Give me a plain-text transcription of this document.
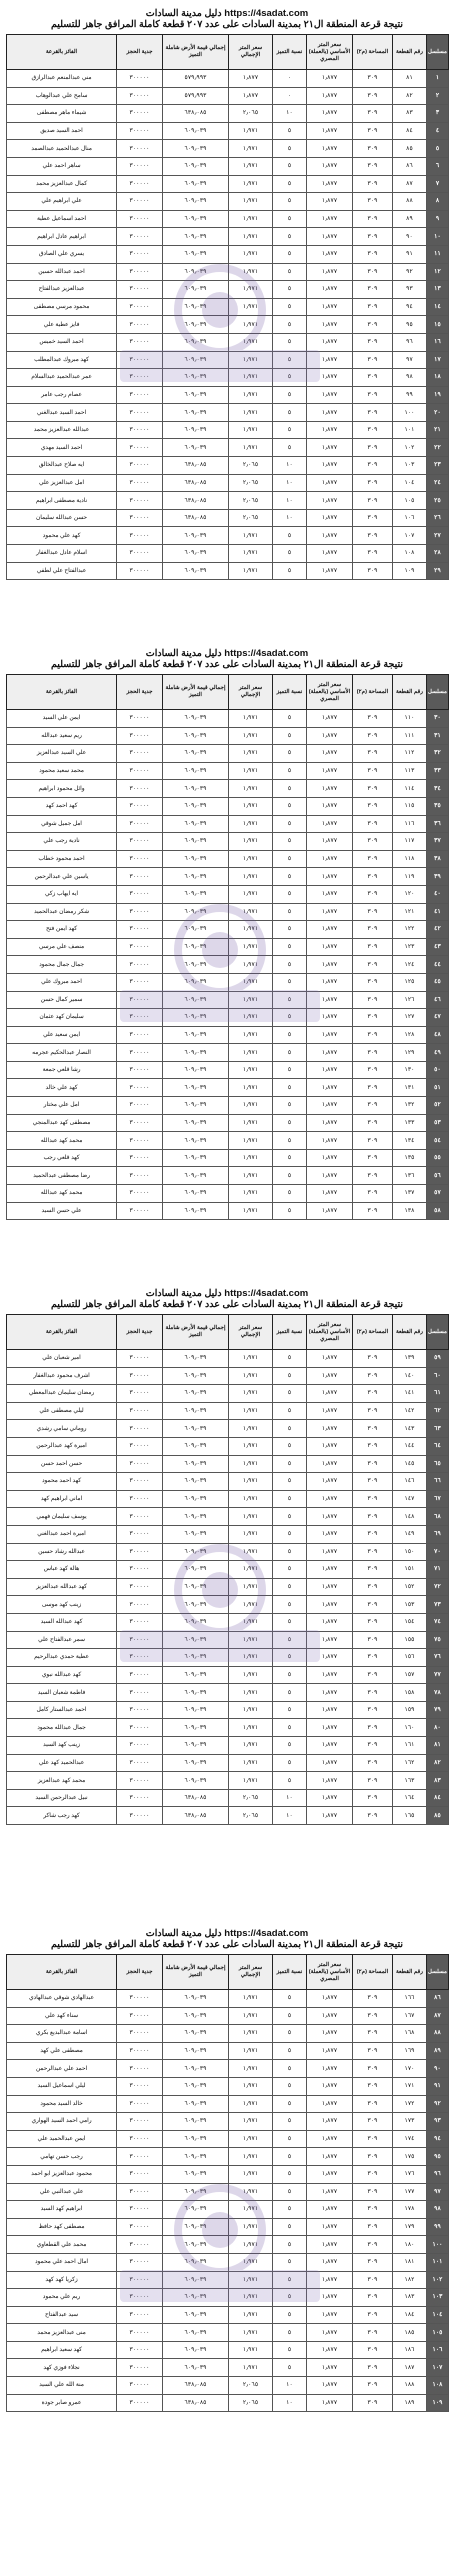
دليل مدينة السادات https://4sadat.com
نتيجة قرعة المنطقة ال٢١ بمدينة السادات على عدد ٢٠٧ قطعة كاملة المرافق جاهز للتسليم
مسلسل	رقم القطعة	المساحة (م٢)	سعر المتر الأساسي (بالعملة) المصري	نسبة التميز	سعر المتر الإجمالي	إجمالي قيمة الأرض شاملة التميز	جدية الحجز	الفائز بالقرعة
١	٨١	٣٠٩	١٫٨٧٧	٠	١٫٨٧٧	٥٧٩٫٩٩٣	٣٠٠٠٠٠	مني عبدالمنعم عبدالرازق
٢	٨٢	٣٠٩	١٫٨٧٧	٠	١٫٨٧٧	٥٧٩٫٩٩٣	٣٠٠٠٠٠	سامح علي عبدالوهاب
٣	٨٣	٣٠٩	١٫٨٧٧	١٠	٢٫٠٦٥	٦٣٨٫٠٨٥	٣٠٠٠٠٠	شيماء ماهر مصطفى
٤	٨٤	٣٠٩	١٫٨٧٧	٥	١٫٩٧١	٦٠٩٫٠٣٩	٣٠٠٠٠٠	احمد السيد صديق
٥	٨٥	٣٠٩	١٫٨٧٧	٥	١٫٩٧١	٦٠٩٫٠٣٩	٣٠٠٠٠٠	منال عبدالحميد عبدالصمد
٦	٨٦	٣٠٩	١٫٨٧٧	٥	١٫٩٧١	٦٠٩٫٠٣٩	٣٠٠٠٠٠	ساهر احمد علي
٧	٨٧	٣٠٩	١٫٨٧٧	٥	١٫٩٧١	٦٠٩٫٠٣٩	٣٠٠٠٠٠	كمال عبدالعزيز محمد
٨	٨٨	٣٠٩	١٫٨٧٧	٥	١٫٩٧١	٦٠٩٫٠٣٩	٣٠٠٠٠٠	علي ابراهيم علي
٩	٨٩	٣٠٩	١٫٨٧٧	٥	١٫٩٧١	٦٠٩٫٠٣٩	٣٠٠٠٠٠	احمد اسماعيل عطية
١٠	٩٠	٣٠٩	١٫٨٧٧	٥	١٫٩٧١	٦٠٩٫٠٣٩	٣٠٠٠٠٠	ابراهيم عادل ابراهيم
١١	٩١	٣٠٩	١٫٨٧٧	٥	١٫٩٧١	٦٠٩٫٠٣٩	٣٠٠٠٠٠	يسري علي الصادق
١٢	٩٢	٣٠٩	١٫٨٧٧	٥	١٫٩٧١	٦٠٩٫٠٣٩	٣٠٠٠٠٠	احمد عبدالله حسين
١٣	٩٣	٣٠٩	١٫٨٧٧	٥	١٫٩٧١	٦٠٩٫٠٣٩	٣٠٠٠٠٠	عبدالعزيز عبدالفتاح
١٤	٩٤	٣٠٩	١٫٨٧٧	٥	١٫٩٧١	٦٠٩٫٠٣٩	٣٠٠٠٠٠	محمود مرسي مصطفى
١٥	٩٥	٣٠٩	١٫٨٧٧	٥	١٫٩٧١	٦٠٩٫٠٣٩	٣٠٠٠٠٠	فايز عطية علي
١٦	٩٦	٣٠٩	١٫٨٧٧	٥	١٫٩٧١	٦٠٩٫٠٣٩	٣٠٠٠٠٠	احمد السيد خميس
١٧	٩٧	٣٠٩	١٫٨٧٧	٥	١٫٩٧١	٦٠٩٫٠٣٩	٣٠٠٠٠٠	كهد مبروك عبدالمطلب
١٨	٩٨	٣٠٩	١٫٨٧٧	٥	١٫٩٧١	٦٠٩٫٠٣٩	٣٠٠٠٠٠	عمر عبدالحميد عبدالسلام
١٩	٩٩	٣٠٩	١٫٨٧٧	٥	١٫٩٧١	٦٠٩٫٠٣٩	٣٠٠٠٠٠	عصام رجب عامر
٢٠	١٠٠	٣٠٩	١٫٨٧٧	٥	١٫٩٧١	٦٠٩٫٠٣٩	٣٠٠٠٠٠	احمد السيد عبدالغني
٢١	١٠١	٣٠٩	١٫٨٧٧	٥	١٫٩٧١	٦٠٩٫٠٣٩	٣٠٠٠٠٠	عبدالله عبدالعزيز محمد
٢٢	١٠٢	٣٠٩	١٫٨٧٧	٥	١٫٩٧١	٦٠٩٫٠٣٩	٣٠٠٠٠٠	احمد السيد مهدي
٢٣	١٠٣	٣٠٩	١٫٨٧٧	١٠	٢٫٠٦٥	٦٣٨٫٠٨٥	٣٠٠٠٠٠	ايه صلاح عبدالخالق
٢٤	١٠٤	٣٠٩	١٫٨٧٧	١٠	٢٫٠٦٥	٦٣٨٫٠٨٥	٣٠٠٠٠٠	امل عبدالعزيز علي
٢٥	١٠٥	٣٠٩	١٫٨٧٧	١٠	٢٫٠٦٥	٦٣٨٫٠٨٥	٣٠٠٠٠٠	نادية مصطفى ابراهيم
٢٦	١٠٦	٣٠٩	١٫٨٧٧	١٠	٢٫٠٦٥	٦٣٨٫٠٨٥	٣٠٠٠٠٠	حسن عبدالله سليمان
٢٧	١٠٧	٣٠٩	١٫٨٧٧	٥	١٫٩٧١	٦٠٩٫٠٣٩	٣٠٠٠٠٠	كهد علي محمود
٢٨	١٠٨	٣٠٩	١٫٨٧٧	٥	١٫٩٧١	٦٠٩٫٠٣٩	٣٠٠٠٠٠	اسلام عادل عبدالغفار
٢٩	١٠٩	٣٠٩	١٫٨٧٧	٥	١٫٩٧١	٦٠٩٫٠٣٩	٣٠٠٠٠٠	عبدالفتاح علي لطفي
دليل مدينة السادات https://4sadat.com
نتيجة قرعة المنطقة ال٢١ بمدينة السادات على عدد ٢٠٧ قطعة كاملة المرافق جاهز للتسليم
مسلسل	رقم القطعة	المساحة (م٢)	سعر المتر الأساسي (بالعملة) المصري	نسبة التميز	سعر المتر الإجمالي	إجمالي قيمة الأرض شاملة التميز	جدية الحجز	الفائز بالقرعة
٣٠	١١٠	٣٠٩	١٫٨٧٧	٥	١٫٩٧١	٦٠٩٫٠٣٩	٣٠٠٠٠٠	ايمن علي السيد
٣١	١١١	٣٠٩	١٫٨٧٧	٥	١٫٩٧١	٦٠٩٫٠٣٩	٣٠٠٠٠٠	ريم سعيد عبدالله
٣٢	١١٢	٣٠٩	١٫٨٧٧	٥	١٫٩٧١	٦٠٩٫٠٣٩	٣٠٠٠٠٠	علي السيد عبدالعزيز
٣٣	١١٣	٣٠٩	١٫٨٧٧	٥	١٫٩٧١	٦٠٩٫٠٣٩	٣٠٠٠٠٠	محمد سعيد محمود
٣٤	١١٤	٣٠٩	١٫٨٧٧	٥	١٫٩٧١	٦٠٩٫٠٣٩	٣٠٠٠٠٠	وائل محمود ابراهيم
٣٥	١١٥	٣٠٩	١٫٨٧٧	٥	١٫٩٧١	٦٠٩٫٠٣٩	٣٠٠٠٠٠	كهد احمد كهد
٣٦	١١٦	٣٠٩	١٫٨٧٧	٥	١٫٩٧١	٦٠٩٫٠٣٩	٣٠٠٠٠٠	امل جميل شوقي
٣٧	١١٧	٣٠٩	١٫٨٧٧	٥	١٫٩٧١	٦٠٩٫٠٣٩	٣٠٠٠٠٠	نادية رجب علي
٣٨	١١٨	٣٠٩	١٫٨٧٧	٥	١٫٩٧١	٦٠٩٫٠٣٩	٣٠٠٠٠٠	احمد محمود خطاب
٣٩	١١٩	٣٠٩	١٫٨٧٧	٥	١٫٩٧١	٦٠٩٫٠٣٩	٣٠٠٠٠٠	ياسين علي عبدالرحمن
٤٠	١٢٠	٣٠٩	١٫٨٧٧	٥	١٫٩٧١	٦٠٩٫٠٣٩	٣٠٠٠٠٠	ايه ايهاب زكي
٤١	١٢١	٣٠٩	١٫٨٧٧	٥	١٫٩٧١	٦٠٩٫٠٣٩	٣٠٠٠٠٠	شكر رمضان عبدالحميد
٤٢	١٢٢	٣٠٩	١٫٨٧٧	٥	١٫٩٧١	٦٠٩٫٠٣٩	٣٠٠٠٠٠	كهد ايمن فتح
٤٣	١٢٣	٣٠٩	١٫٨٧٧	٥	١٫٩٧١	٦٠٩٫٠٣٩	٣٠٠٠٠٠	منصف علي مرسي
٤٤	١٢٤	٣٠٩	١٫٨٧٧	٥	١٫٩٧١	٦٠٩٫٠٣٩	٣٠٠٠٠٠	جمال جمال محمود
٤٥	١٢٥	٣٠٩	١٫٨٧٧	٥	١٫٩٧١	٦٠٩٫٠٣٩	٣٠٠٠٠٠	احمد مبروك علي
٤٦	١٢٦	٣٠٩	١٫٨٧٧	٥	١٫٩٧١	٦٠٩٫٠٣٩	٣٠٠٠٠٠	سمير كمال حسن
٤٧	١٢٧	٣٠٩	١٫٨٧٧	٥	١٫٩٧١	٦٠٩٫٠٣٩	٣٠٠٠٠٠	سليمان كهد عثمان
٤٨	١٢٨	٣٠٩	١٫٨٧٧	٥	١٫٩٧١	٦٠٩٫٠٣٩	٣٠٠٠٠٠	ايمن سعيد علي
٤٩	١٢٩	٣٠٩	١٫٨٧٧	٥	١٫٩٧١	٦٠٩٫٠٣٩	٣٠٠٠٠٠	النصار عبدالحكيم عجرمه
٥٠	١٣٠	٣٠٩	١٫٨٧٧	٥	١٫٩٧١	٦٠٩٫٠٣٩	٣٠٠٠٠٠	رشا قلعي جمعة
٥١	١٣١	٣٠٩	١٫٨٧٧	٥	١٫٩٧١	٦٠٩٫٠٣٩	٣٠٠٠٠٠	كهد علي خالد
٥٢	١٣٢	٣٠٩	١٫٨٧٧	٥	١٫٩٧١	٦٠٩٫٠٣٩	٣٠٠٠٠٠	امل علي مختار
٥٣	١٣٣	٣٠٩	١٫٨٧٧	٥	١٫٩٧١	٦٠٩٫٠٣٩	٣٠٠٠٠٠	مصطفى كهد عبدالمنجي
٥٤	١٣٤	٣٠٩	١٫٨٧٧	٥	١٫٩٧١	٦٠٩٫٠٣٩	٣٠٠٠٠٠	محمد كهد عبدالله
٥٥	١٣٥	٣٠٩	١٫٨٧٧	٥	١٫٩٧١	٦٠٩٫٠٣٩	٣٠٠٠٠٠	كهد قلعي رجب
٥٦	١٣٦	٣٠٩	١٫٨٧٧	٥	١٫٩٧١	٦٠٩٫٠٣٩	٣٠٠٠٠٠	رضا مصطفى عبدالحميد
٥٧	١٣٧	٣٠٩	١٫٨٧٧	٥	١٫٩٧١	٦٠٩٫٠٣٩	٣٠٠٠٠٠	محمد كهد عبدالله
٥٨	١٣٨	٣٠٩	١٫٨٧٧	٥	١٫٩٧١	٦٠٩٫٠٣٩	٣٠٠٠٠٠	علي حسن السيد
دليل مدينة السادات https://4sadat.com
نتيجة قرعة المنطقة ال٢١ بمدينة السادات على عدد ٢٠٧ قطعة كاملة المرافق جاهز للتسليم
مسلسل	رقم القطعة	المساحة (م٢)	سعر المتر الأساسي (بالعملة) المصري	نسبة التميز	سعر المتر الإجمالي	إجمالي قيمة الأرض شاملة التميز	جدية الحجز	الفائز بالقرعة
٥٩	١٣٩	٣٠٩	١٫٨٧٧	٥	١٫٩٧١	٦٠٩٫٠٣٩	٣٠٠٠٠٠	امير شعبان علي
٦٠	١٤٠	٣٠٩	١٫٨٧٧	٥	١٫٩٧١	٦٠٩٫٠٣٩	٣٠٠٠٠٠	اشرف محمود عبدالغفار
٦١	١٤١	٣٠٩	١٫٨٧٧	٥	١٫٩٧١	٦٠٩٫٠٣٩	٣٠٠٠٠٠	رمضان سليمان عبدالمعطي
٦٢	١٤٢	٣٠٩	١٫٨٧٧	٥	١٫٩٧١	٦٠٩٫٠٣٩	٣٠٠٠٠٠	ليلي مصطفى علي
٦٣	١٤٣	٣٠٩	١٫٨٧٧	٥	١٫٩٧١	٦٠٩٫٠٣٩	٣٠٠٠٠٠	روماني سامي رشدي
٦٤	١٤٤	٣٠٩	١٫٨٧٧	٥	١٫٩٧١	٦٠٩٫٠٣٩	٣٠٠٠٠٠	اميرة كهد عبدالرحمن
٦٥	١٤٥	٣٠٩	١٫٨٧٧	٥	١٫٩٧١	٦٠٩٫٠٣٩	٣٠٠٠٠٠	حسن احمد حسن
٦٦	١٤٦	٣٠٩	١٫٨٧٧	٥	١٫٩٧١	٦٠٩٫٠٣٩	٣٠٠٠٠٠	كهد احمد محمود
٦٧	١٤٧	٣٠٩	١٫٨٧٧	٥	١٫٩٧١	٦٠٩٫٠٣٩	٣٠٠٠٠٠	اماني ابراهيم كهد
٦٨	١٤٨	٣٠٩	١٫٨٧٧	٥	١٫٩٧١	٦٠٩٫٠٣٩	٣٠٠٠٠٠	يوسف سليمان فهمي
٦٩	١٤٩	٣٠٩	١٫٨٧٧	٥	١٫٩٧١	٦٠٩٫٠٣٩	٣٠٠٠٠٠	اميرة احمد عبدالغني
٧٠	١٥٠	٣٠٩	١٫٨٧٧	٥	١٫٩٧١	٦٠٩٫٠٣٩	٣٠٠٠٠٠	عبدالله رشاد حسين
٧١	١٥١	٣٠٩	١٫٨٧٧	٥	١٫٩٧١	٦٠٩٫٠٣٩	٣٠٠٠٠٠	هالة كهد عباس
٧٢	١٥٢	٣٠٩	١٫٨٧٧	٥	١٫٩٧١	٦٠٩٫٠٣٩	٣٠٠٠٠٠	كهد عبدالله عبدالعزيز
٧٣	١٥٣	٣٠٩	١٫٨٧٧	٥	١٫٩٧١	٦٠٩٫٠٣٩	٣٠٠٠٠٠	زينب كهد موسى
٧٤	١٥٤	٣٠٩	١٫٨٧٧	٥	١٫٩٧١	٦٠٩٫٠٣٩	٣٠٠٠٠٠	كهد عبدالله السيد
٧٥	١٥٥	٣٠٩	١٫٨٧٧	٥	١٫٩٧١	٦٠٩٫٠٣٩	٣٠٠٠٠٠	سمر عبدالفتاح علي
٧٦	١٥٦	٣٠٩	١٫٨٧٧	٥	١٫٩٧١	٦٠٩٫٠٣٩	٣٠٠٠٠٠	عطية حمدي عبدالرحيم
٧٧	١٥٧	٣٠٩	١٫٨٧٧	٥	١٫٩٧١	٦٠٩٫٠٣٩	٣٠٠٠٠٠	كهد عبدالله نبوي
٧٨	١٥٨	٣٠٩	١٫٨٧٧	٥	١٫٩٧١	٦٠٩٫٠٣٩	٣٠٠٠٠٠	فاطمة شعبان السيد
٧٩	١٥٩	٣٠٩	١٫٨٧٧	٥	١٫٩٧١	٦٠٩٫٠٣٩	٣٠٠٠٠٠	احمد عبدالستار كامل
٨٠	١٦٠	٣٠٩	١٫٨٧٧	٥	١٫٩٧١	٦٠٩٫٠٣٩	٣٠٠٠٠٠	جمال عبدالله محمود
٨١	١٦١	٣٠٩	١٫٨٧٧	٥	١٫٩٧١	٦٠٩٫٠٣٩	٣٠٠٠٠٠	زينب كهد السيد
٨٢	١٦٢	٣٠٩	١٫٨٧٧	٥	١٫٩٧١	٦٠٩٫٠٣٩	٣٠٠٠٠٠	عبدالحميد كهد علي
٨٣	١٦٣	٣٠٩	١٫٨٧٧	٥	١٫٩٧١	٦٠٩٫٠٣٩	٣٠٠٠٠٠	محمد كهد عبدالعزيز
٨٤	١٦٤	٣٠٩	١٫٨٧٧	١٠	٢٫٠٦٥	٦٣٨٫٠٨٥	٣٠٠٠٠٠	نبيل عبدالرحمن السيد
٨٥	١٦٥	٣٠٩	١٫٨٧٧	١٠	٢٫٠٦٥	٦٣٨٫٠٨٥	٣٠٠٠٠٠	كهد رجب شاكر
دليل مدينة السادات https://4sadat.com
نتيجة قرعة المنطقة ال٢١ بمدينة السادات على عدد ٢٠٧ قطعة كاملة المرافق جاهز للتسليم
مسلسل	رقم القطعة	المساحة (م٢)	سعر المتر الأساسي (بالعملة) المصري	نسبة التميز	سعر المتر الإجمالي	إجمالي قيمة الأرض شاملة التميز	جدية الحجز	الفائز بالقرعة
٨٦	١٦٦	٣٠٩	١٫٨٧٧	٥	١٫٩٧١	٦٠٩٫٠٣٩	٣٠٠٠٠٠	عبدالهادي شوقي عبدالهادي
٨٧	١٦٧	٣٠٩	١٫٨٧٧	٥	١٫٩٧١	٦٠٩٫٠٣٩	٣٠٠٠٠٠	سناء كهد علي
٨٨	١٦٨	٣٠٩	١٫٨٧٧	٥	١٫٩٧١	٦٠٩٫٠٣٩	٣٠٠٠٠٠	اسامة عبدالبديع بكري
٨٩	١٦٩	٣٠٩	١٫٨٧٧	٥	١٫٩٧١	٦٠٩٫٠٣٩	٣٠٠٠٠٠	مصطفى علي كهد
٩٠	١٧٠	٣٠٩	١٫٨٧٧	٥	١٫٩٧١	٦٠٩٫٠٣٩	٣٠٠٠٠٠	احمد علي عبدالرحمن
٩١	١٧١	٣٠٩	١٫٨٧٧	٥	١٫٩٧١	٦٠٩٫٠٣٩	٣٠٠٠٠٠	ليلي اسماعيل السيد
٩٢	١٧٢	٣٠٩	١٫٨٧٧	٥	١٫٩٧١	٦٠٩٫٠٣٩	٣٠٠٠٠٠	خالد السيد محمود
٩٣	١٧٣	٣٠٩	١٫٨٧٧	٥	١٫٩٧١	٦٠٩٫٠٣٩	٣٠٠٠٠٠	رامي احمد السيد الهواري
٩٤	١٧٤	٣٠٩	١٫٨٧٧	٥	١٫٩٧١	٦٠٩٫٠٣٩	٣٠٠٠٠٠	ايمن عبدالحميد علي
٩٥	١٧٥	٣٠٩	١٫٨٧٧	٥	١٫٩٧١	٦٠٩٫٠٣٩	٣٠٠٠٠٠	رجب حسن تهامي
٩٦	١٧٦	٣٠٩	١٫٨٧٧	٥	١٫٩٧١	٦٠٩٫٠٣٩	٣٠٠٠٠٠	محمود عبدالعزيز ابو احمد
٩٧	١٧٧	٣٠٩	١٫٨٧٧	٥	١٫٩٧١	٦٠٩٫٠٣٩	٣٠٠٠٠٠	علي عبدالنبي علي
٩٨	١٧٨	٣٠٩	١٫٨٧٧	٥	١٫٩٧١	٦٠٩٫٠٣٩	٣٠٠٠٠٠	ابراهيم كهد السيد
٩٩	١٧٩	٣٠٩	١٫٨٧٧	٥	١٫٩٧١	٦٠٩٫٠٣٩	٣٠٠٠٠٠	مصطفى كهد حافظ
١٠٠	١٨٠	٣٠٩	١٫٨٧٧	٥	١٫٩٧١	٦٠٩٫٠٣٩	٣٠٠٠٠٠	محمد علي القطعاوي
١٠١	١٨١	٣٠٩	١٫٨٧٧	٥	١٫٩٧١	٦٠٩٫٠٣٩	٣٠٠٠٠٠	امال احمد علي محمود
١٠٢	١٨٢	٣٠٩	١٫٨٧٧	٥	١٫٩٧١	٦٠٩٫٠٣٩	٣٠٠٠٠٠	زكريا كهد كهد
١٠٣	١٨٣	٣٠٩	١٫٨٧٧	٥	١٫٩٧١	٦٠٩٫٠٣٩	٣٠٠٠٠٠	ريم علي محمود
١٠٤	١٨٤	٣٠٩	١٫٨٧٧	٥	١٫٩٧١	٦٠٩٫٠٣٩	٣٠٠٠٠٠	سيد عبدالفتاح
١٠٥	١٨٥	٣٠٩	١٫٨٧٧	٥	١٫٩٧١	٦٠٩٫٠٣٩	٣٠٠٠٠٠	منى عبدالعزيز محمد
١٠٦	١٨٦	٣٠٩	١٫٨٧٧	٥	١٫٩٧١	٦٠٩٫٠٣٩	٣٠٠٠٠٠	كهد سعيد ابراهيم
١٠٧	١٨٧	٣٠٩	١٫٨٧٧	٥	١٫٩٧١	٦٠٩٫٠٣٩	٣٠٠٠٠٠	نجلاء فوزي كهد
١٠٨	١٨٨	٣٠٩	١٫٨٧٧	١٠	٢٫٠٦٥	٦٣٨٫٠٨٥	٣٠٠٠٠٠	منة الله علي السيد
١٠٩	١٨٩	٣٠٩	١٫٨٧٧	١٠	٢٫٠٦٥	٦٣٨٫٠٨٥	٣٠٠٠٠٠	عمرو صابر جودة
